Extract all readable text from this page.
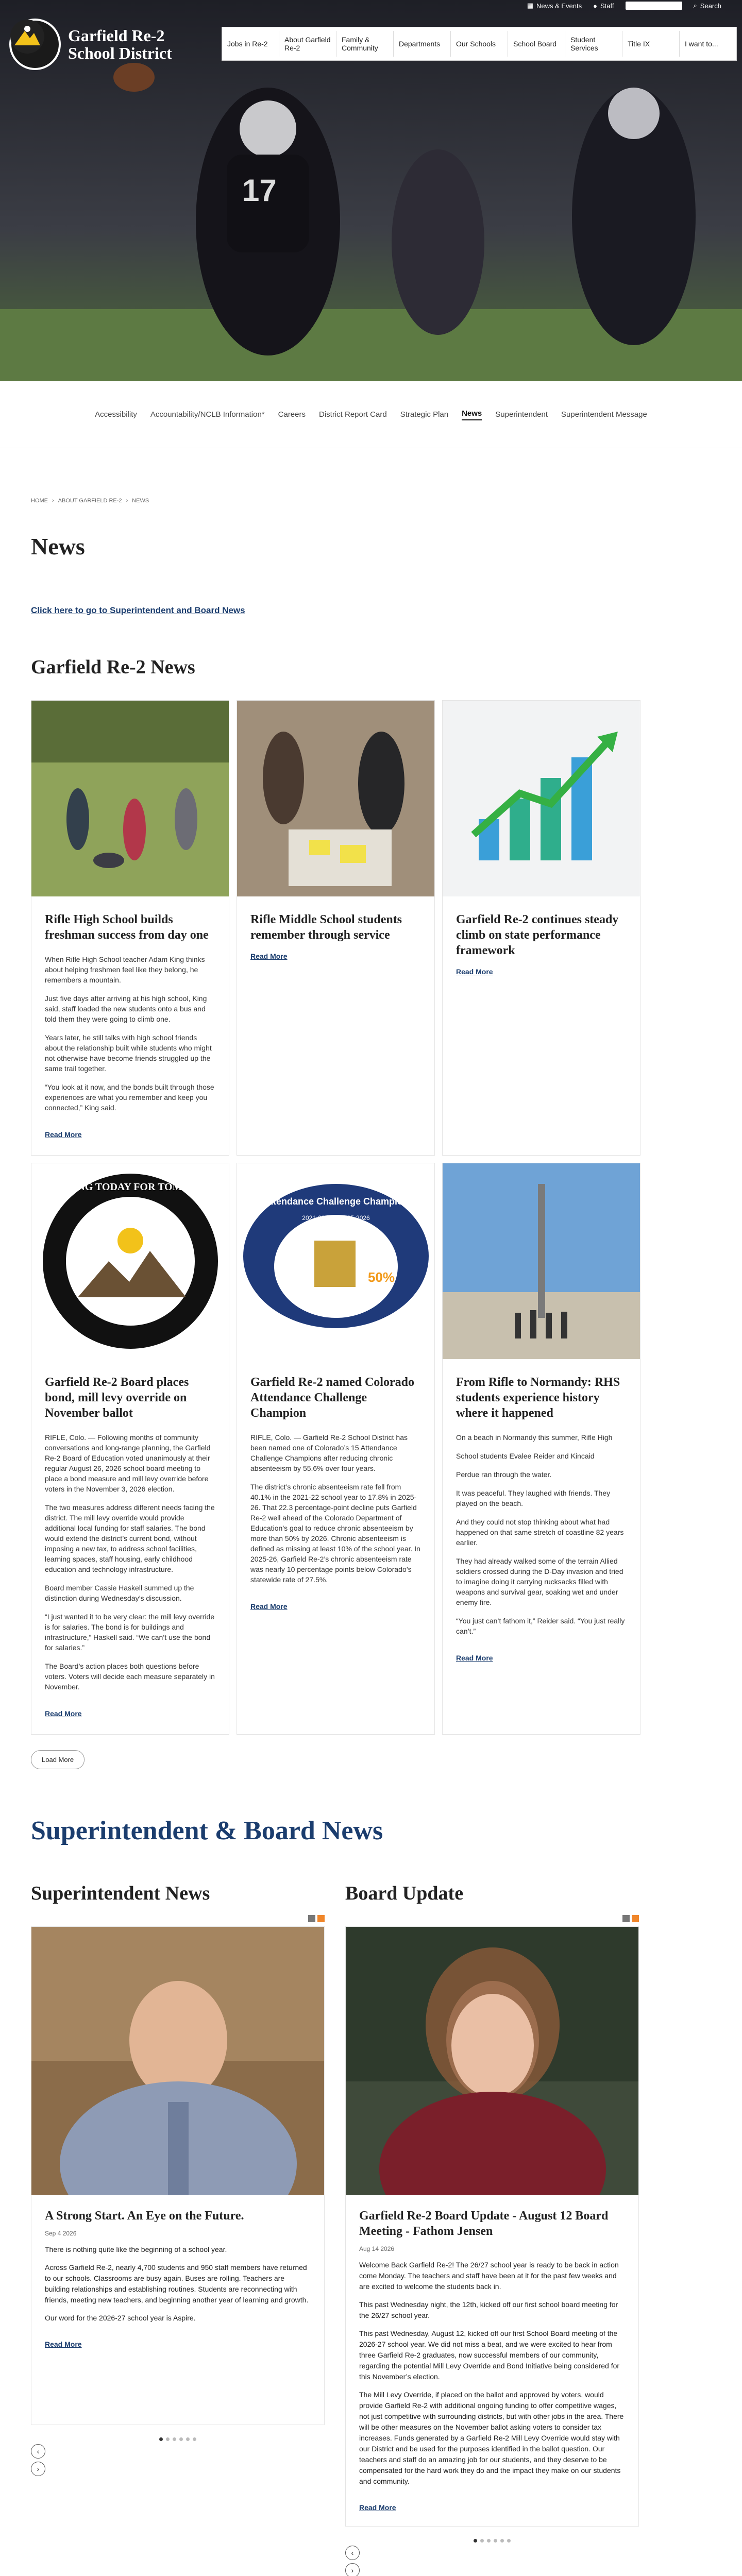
▦ News & Events ● Staff	⌕ Search
17
Garfield Re-2 School District	Jobs in Re-2	About Garfield Re-2
Family & Community	Departments	Our Schools	School Board	Student Services	Title IX	I want to...
Accessibility Accountability/NCLB Information* Careers District Report Card Strategic Plan News Superintendent Superintendent Message
HOME › ABOUT GARFIELD RE-2 › NEWS
News
Click here to go to Superintendent and Board News
Garfield Re-2 News
Rifle High School builds freshman success from day one

When Rifle High School teacher Adam King thinks about helping freshmen feel like they belong, he remembers a mountain.

Just five days after arriving at his high school, King said, staff loaded the new students onto a bus and told them they were going to climb one.

Years later, he still talks with high school friends about the relationship built while students who might not otherwise have become friends struggled up the same trail together.

“You look at it now, and the bonds built through those experiences are what you remember and keep you connected,” King said.

Read More
Rifle Middle School students remember through service
Read More
Garfield Re-2 continues steady climb on state performance framework
Read More
LEARNING TODAY FOR TOMORROW
Garfield Re-2 Board places bond, mill levy override on November ballot

RIFLE, Colo. — Following months of community conversations and long-range planning, the Garfield Re-2 Board of Education voted unanimously at their regular August 26, 2026 school board meeting to place a bond measure and mill levy override before voters in the November 3, 2026 election.

The two measures address different needs facing the district. The mill levy override would provide additional local funding for staff salaries. The bond would extend the district’s current bond, without imposing a new tax, to address school facilities, learning spaces, staff housing, early childhood education and technology infrastructure.

Board member Cassie Haskell summed up the distinction during Wednesday’s discussion.

“I just wanted it to be very clear: the mill levy override is for salaries. The bond is for buildings and infrastructure,” Haskell said. “We can’t use the bond for salaries.”

The Board’s action places both questions before voters. Voters will decide each measure separately in November.

Read More
Attendance Challenge Champion
2021-2022 to 2025-2026
50%
Garfield Re-2 named Colorado Attendance Challenge Champion

RIFLE, Colo. — Garfield Re-2 School District has been named one of Colorado’s 15 Attendance Challenge Champions after reducing chronic absenteeism by 55.6% over four years.

The district’s chronic absenteeism rate fell from 40.1% in the 2021-22 school year to 17.8% in 2025-26. That 22.3 percentage-point decline puts Garfield Re-2 well ahead of the Colorado Department of Education’s goal to reduce chronic absenteeism by more than 50% by 2026. Chronic absenteeism is defined as missing at least 10% of the school year. In 2025-26, Garfield Re-2’s chronic absenteeism rate was nearly 10 percentage points below Colorado’s statewide rate of 27.5%.

Read More
From Rifle to Normandy: RHS students experience history where it happened

On a beach in Normandy this summer, Rifle High

School students Evalee Reider and Kincaid

Perdue ran through the water.

It was peaceful. They laughed with friends. They played on the beach.

And they could not stop thinking about what had happened on that same stretch of coastline 82 years earlier.

They had already walked some of the terrain Allied soldiers crossed during the D-Day invasion and tried to imagine doing it carrying rucksacks filled with weapons and survival gear, soaking wet and under enemy fire.

“You just can’t fathom it,” Reider said. “You just really can’t.”

Read More
Load More
Superintendent & Board News
Superintendent News
A Strong Start. An Eye on the Future.
Sep 4 2026

There is nothing quite like the beginning of a school year.

Across Garfield Re-2, nearly 4,700 students and 950 staff members have returned to our schools. Classrooms are busy again. Buses are rolling. Teachers are building relationships and establishing routines. Students are reconnecting with friends, meeting new teachers, and beginning another year of learning and growth.

Our word for the 2026-27 school year is Aspire.

Read More
‹
›
Board Update
Garfield Re-2 Board Update - August 12 Board Meeting - Fathom Jensen
Aug 14 2026

Welcome Back Garfield Re-2! The 26/27 school year is ready to be back in action come Monday. The teachers and staff have been at it for the past few weeks and are excited to welcome the students back in.

This past Wednesday night, the 12th, kicked off our first school board meeting for the 26/27 school year.

This past Wednesday, August 12, kicked off our first School Board meeting of the 2026-27 school year. We did not miss a beat, and we were excited to hear from three Garfield Re-2 graduates, now successful members of our community, regarding the potential Mill Levy Override and Bond Initiative being considered for this November’s election.

The Mill Levy Override, if placed on the ballot and approved by voters, would provide Garfield Re-2 with additional ongoing funding to offer competitive wages, not just competitive with surrounding districts, but with other jobs in the area. There will be other measures on the November ballot asking voters to consider tax increases. Funds generated by a Garfield Re-2 Mill Levy Override would stay with our District and be used for the purposes identified in the ballot question. Our teachers and staff do an amazing job for our students, and they deserve to be compensated for the hard work they do and the impact they make on our students and community.

Read More
‹
›
